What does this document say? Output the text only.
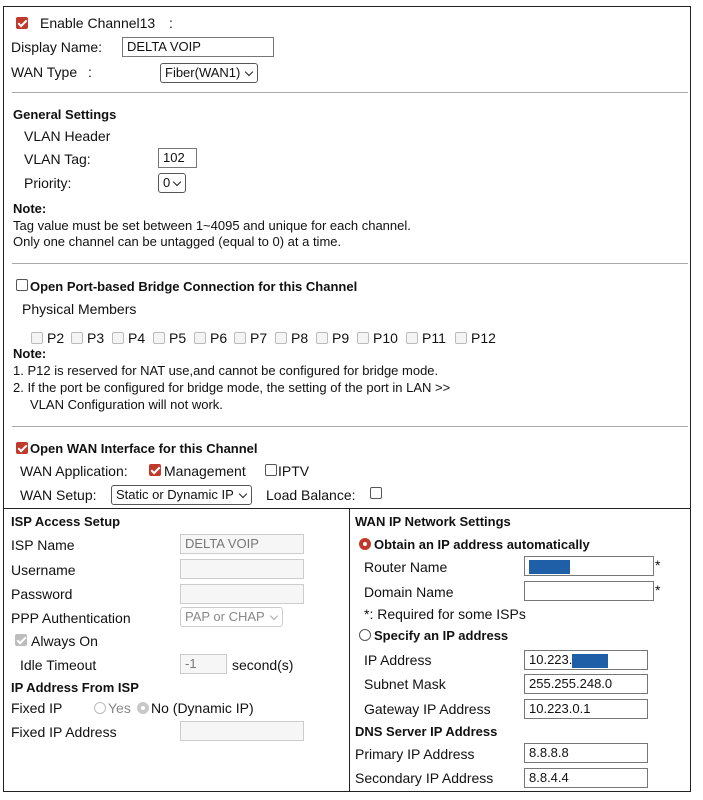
Enable Channel13 :
Display Name:	DELTA VOIP
WAN Type :	Fiber(WAN1)
General Settings
VLAN Header
VLAN Tag:	102
Priority:	0
Note:
Tag value must be set between 1~4095 and unique for each channel.
Only one channel can be untagged (equal to 0) at a time.
Open Port-based Bridge Connection for this Channel
Physical Members
P2	P3	P4	P5	P6	P7	P8	P9	P10	P11	P12
Note:
1. P12 is reserved for NAT use,and cannot be configured for bridge mode.
2. If the port be configured for bridge mode, the setting of the port in LAN >>
VLAN Configuration will not work.
Open WAN Interface for this Channel
WAN Application:	Management IPTV
WAN Setup:	Static or Dynamic IP	Load Balance:
ISP Access Setup
ISP Name	DELTA VOIP
Username
Password
PPP Authentication	PAP or CHAP
Always On
Idle Timeout	-1	second(s)
IP Address From ISP
Fixed IP	Yes No (Dynamic IP)
Fixed IP Address
WAN IP Network Settings
Obtain an IP address automatically
Router Name	*
Domain Name	*
*: Required for some ISPs
Specify an IP address
IP Address	10.223.
Subnet Mask	255.255.248.0
Gateway IP Address	10.223.0.1
DNS Server IP Address
Primary IP Address	8.8.8.8
Secondary IP Address	8.8.4.4
